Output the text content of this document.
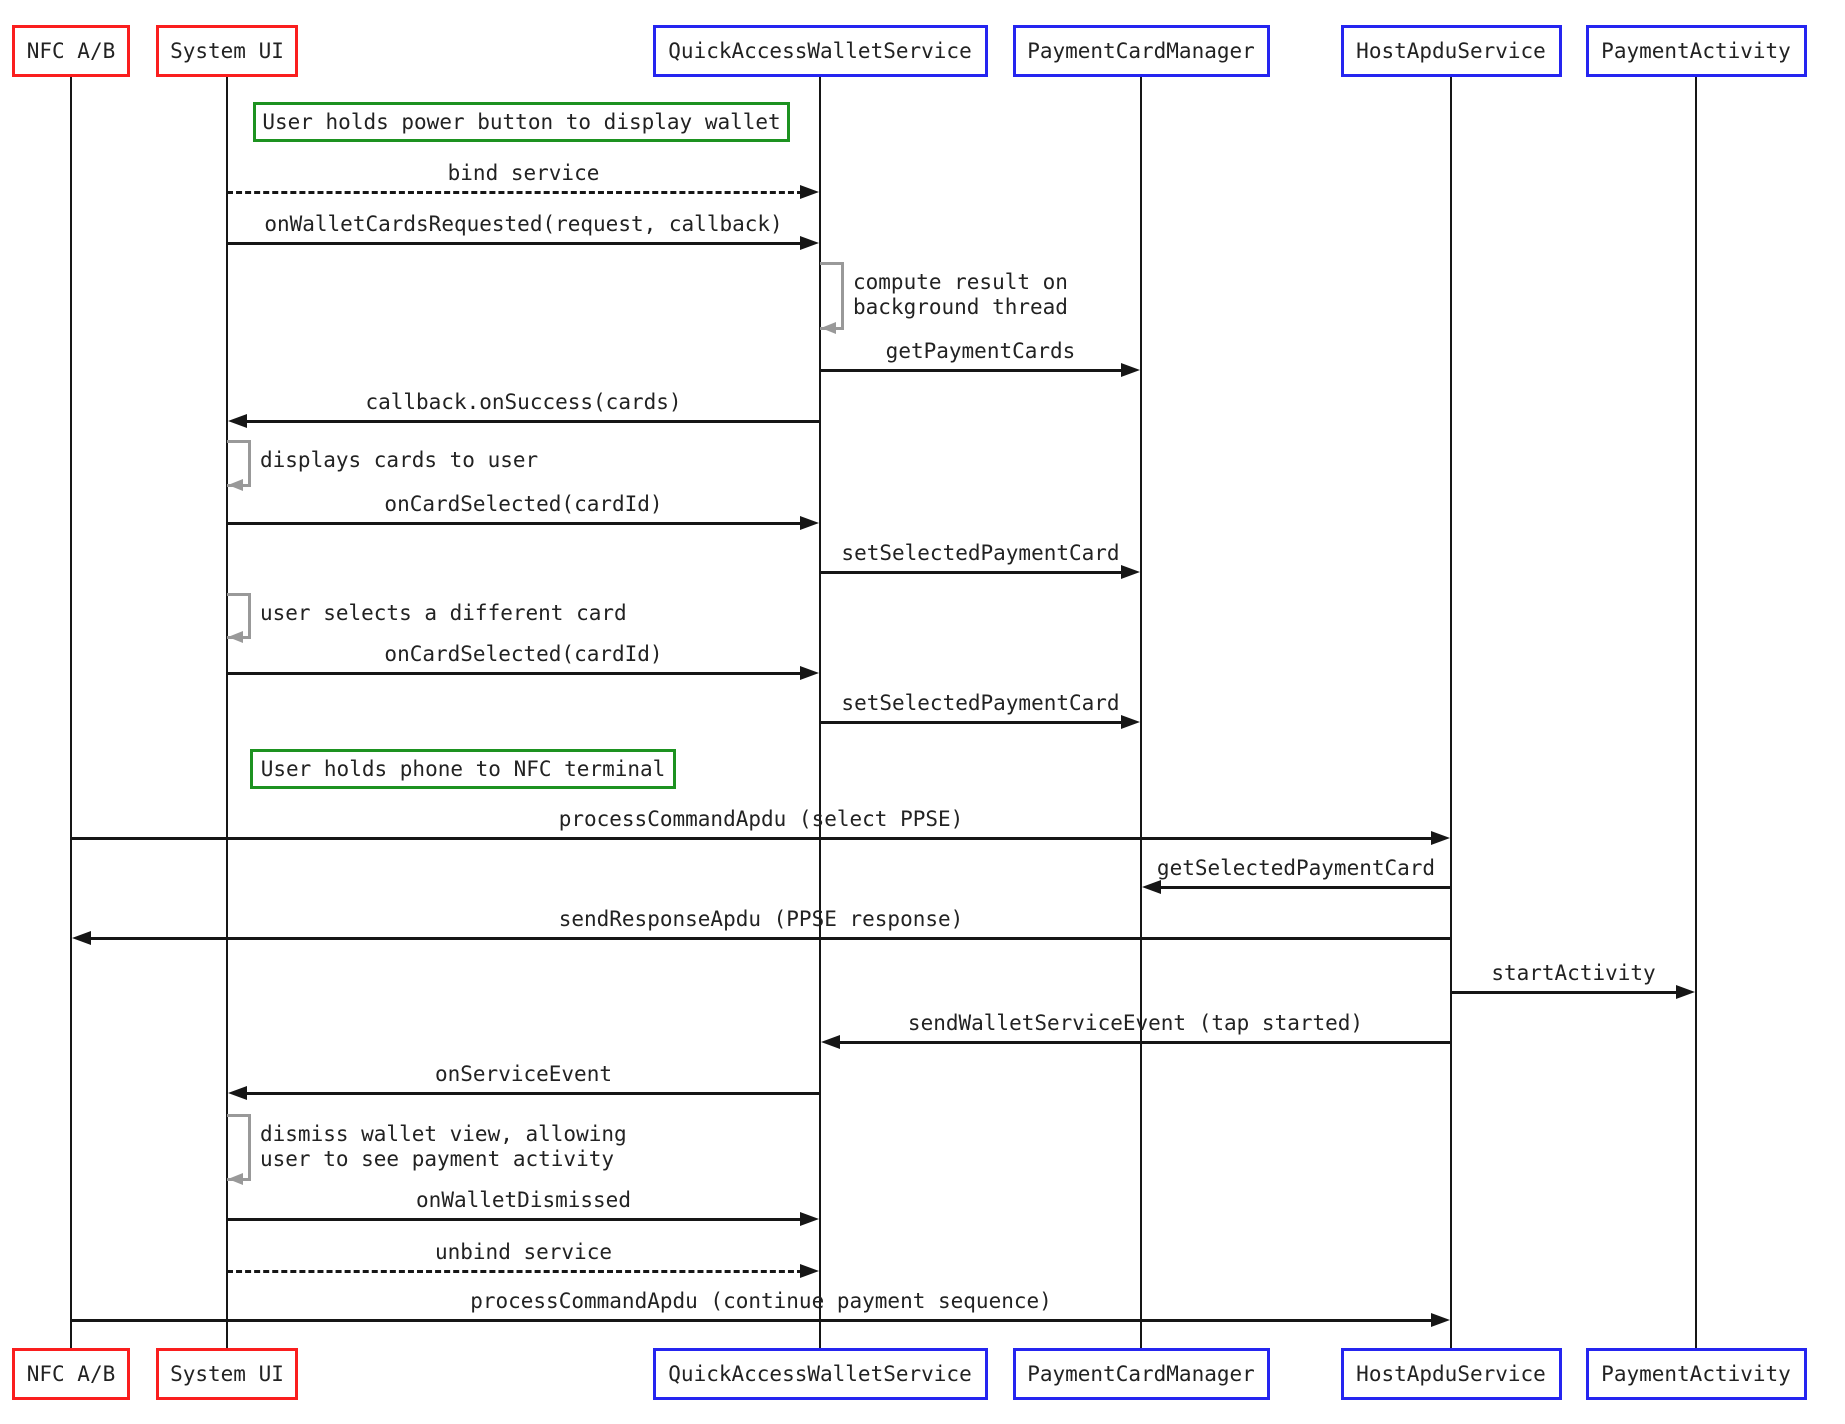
NFC A/B
NFC A/B
System UI
System UI
QuickAccessWalletService
QuickAccessWalletService
PaymentCardManager
PaymentCardManager
HostApduService
HostApduService
PaymentActivity
PaymentActivity
User holds power button to display wallet
bind service
onWalletCardsRequested(request, callback)
compute result on
background thread
getPaymentCards
callback.onSuccess(cards)
displays cards to user
onCardSelected(cardId)
setSelectedPaymentCard
user selects a different card
onCardSelected(cardId)
setSelectedPaymentCard
User holds phone to NFC terminal
processCommandApdu (select PPSE)
getSelectedPaymentCard
sendResponseApdu (PPSE response)
startActivity
sendWalletServiceEvent (tap started)
onServiceEvent
dismiss wallet view, allowing
user to see payment activity
onWalletDismissed
unbind service
processCommandApdu (continue payment sequence)
